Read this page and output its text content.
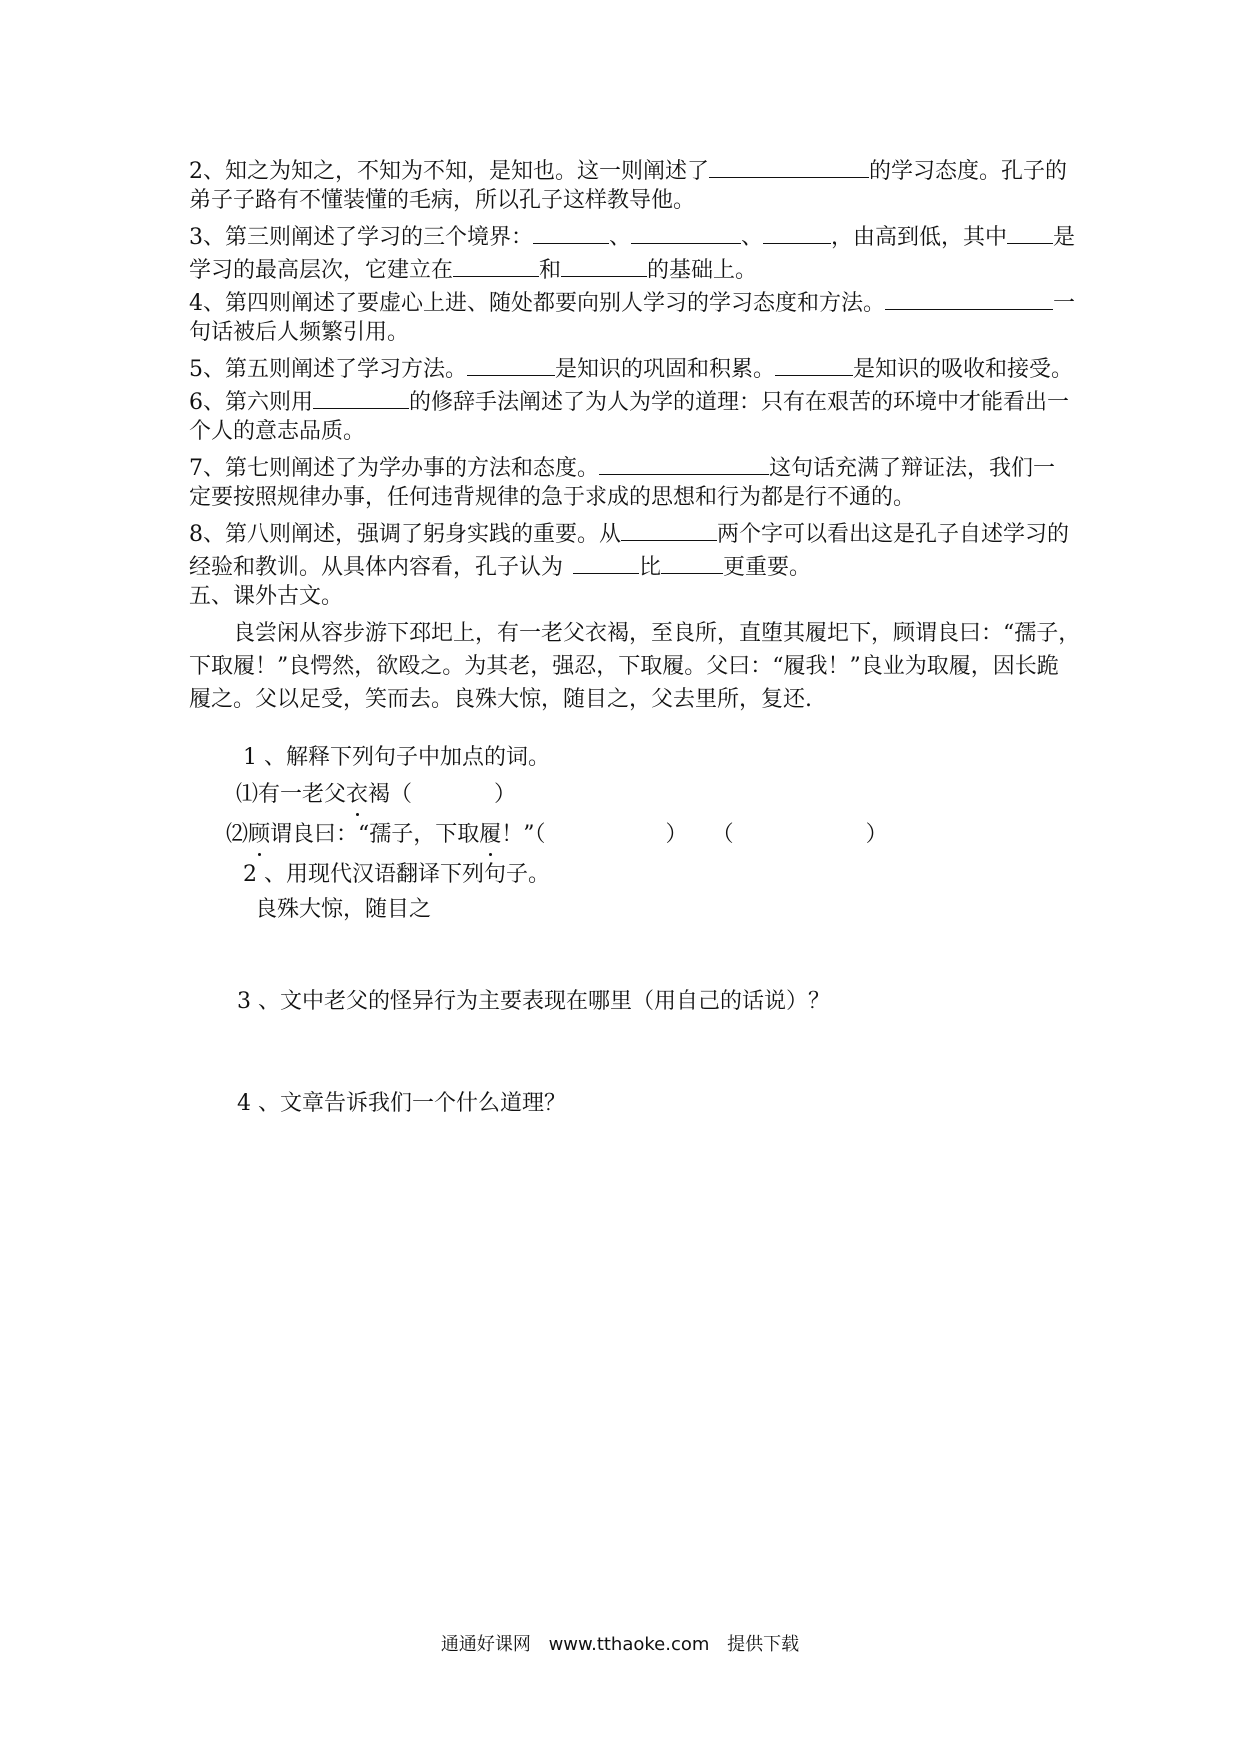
2、知之为知之，不知为不知，是知也。这一则阐述了	的学习态度。孔子的
弟子子路有不懂装懂的毛病，所以孔子这样教导他。
3、第三则阐述了学习的三个境界：	、	、	，由高到低，其中 是
学习的最高层次，它建立在	和	的基础上。
4、第四则阐述了要虚心上进、随处都要向别人学习的学习态度和方法。	一
句话被后人频繁引用。
5、第五则阐述了学习方法。	是知识的巩固和积累。	是知识的吸收和接受。
6、第六则用	的修辞手法阐述了为人为学的道理：只有在艰苦的环境中才能看出一
个人的意志品质。
7、第七则阐述了为学办事的方法和态度。	这句话充满了辩证法，我们一
定要按照规律办事，任何违背规律的急于求成的思想和行为都是行不通的。
8、第八则阐述，强调了躬身实践的重要。从	两个字可以看出这是孔子自述学习的
经验和教训。从具体内容看，孔子认为	比	更重要。
五、课外古文。
良尝闲从容步游下邳圯上，有一老父衣褐，至良所，直堕其履圯下，顾谓良曰：“孺子，
下取履！”良愕然，欲殴之。为其老，强忍，下取履。父曰：“履我！”良业为取履，因长跪
履之。父以足受，笑而去。良殊大惊，随目之，父去里所，复还.
1 、解释下列句子中加点的词。
⑴有一老父衣褐（	）
⑵顾谓良曰：“孺子，下取履！”（	） （	）
2 、用现代汉语翻译下列句子。
良殊大惊，随目之
3 、文中老父的怪异行为主要表现在哪里（用自己的话说）？
4 、文章告诉我们一个什么道理？
通通好课网 www.tthaoke.com 提供下载
